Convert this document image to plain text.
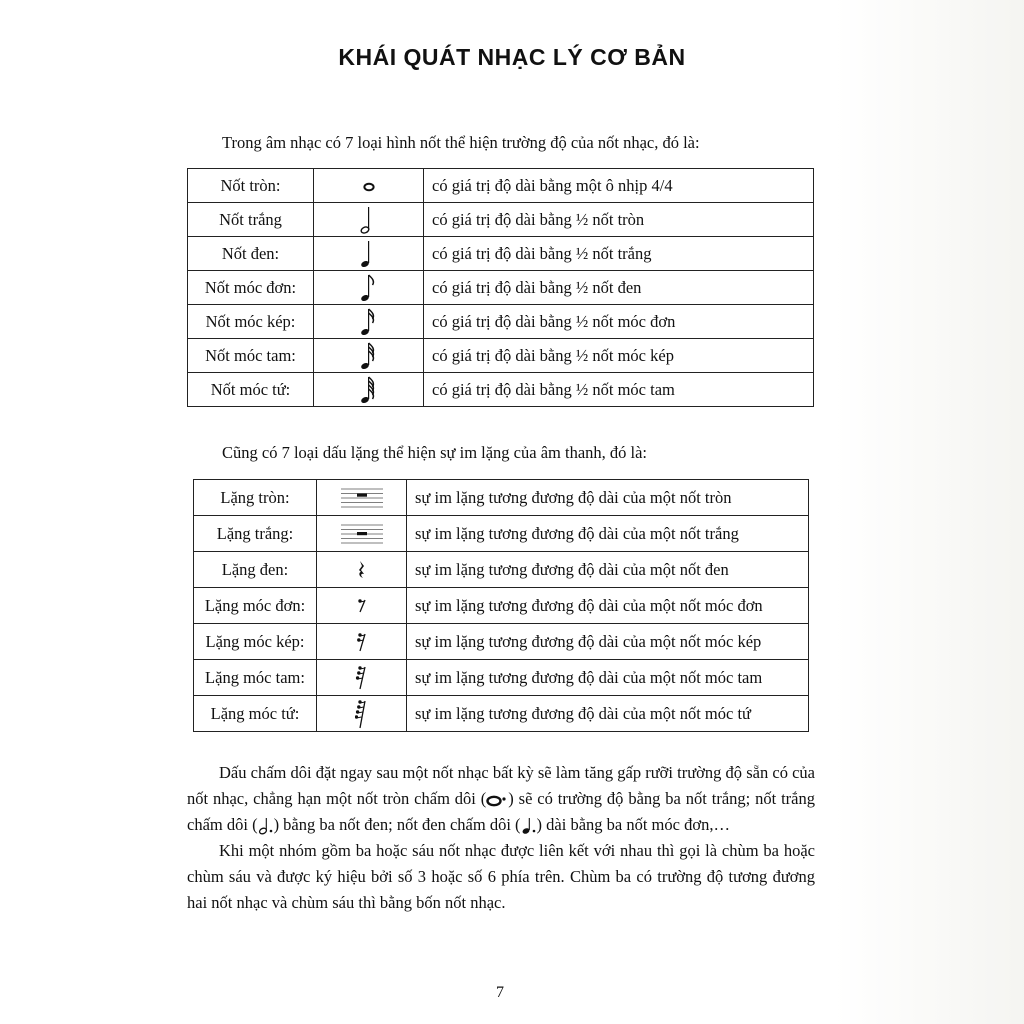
KHÁI QUÁT NHẠC LÝ CƠ BẢN
Trong âm nhạc có 7 loại hình nốt thể hiện trường độ của nốt nhạc, đó là:
Nốt tròn:		có giá trị độ dài bằng một ô nhịp 4/4
Nốt trắng		có giá trị độ dài bằng ½ nốt tròn
Nốt đen:		có giá trị độ dài bằng ½ nốt trắng
Nốt móc đơn:		có giá trị độ dài bằng ½ nốt đen
Nốt móc kép:		có giá trị độ dài bằng ½ nốt móc đơn
Nốt móc tam:		có giá trị độ dài bằng ½ nốt móc kép
Nốt móc tứ:		có giá trị độ dài bằng ½ nốt móc tam
Cũng có 7 loại dấu lặng thể hiện sự im lặng của âm thanh, đó là:
Lặng tròn:		sự im lặng tương đương độ dài của một nốt tròn
Lặng trắng:		sự im lặng tương đương độ dài của một nốt trắng
Lặng đen:		sự im lặng tương đương độ dài của một nốt đen
Lặng móc đơn:		sự im lặng tương đương độ dài của một nốt móc đơn
Lặng móc kép:		sự im lặng tương đương độ dài của một nốt móc kép
Lặng móc tam:		sự im lặng tương đương độ dài của một nốt móc tam
Lặng móc tứ:		sự im lặng tương đương độ dài của một nốt móc tứ

Dấu chấm dôi đặt ngay sau một nốt nhạc bất kỳ sẽ làm tăng gấp rưỡi trường độ sẵn có của nốt nhạc, chẳng hạn một nốt tròn chấm dôi ( ) sẽ có trường độ bằng ba nốt trắng; nốt trắng chấm dôi ( ) bằng ba nốt đen; nốt đen chấm dôi ( ) dài bằng ba nốt móc đơn,…

Khi một nhóm gồm ba hoặc sáu nốt nhạc được liên kết với nhau thì gọi là chùm ba hoặc chùm sáu và được ký hiệu bởi số 3 hoặc số 6 phía trên. Chùm ba có trường độ tương đương hai nốt nhạc và chùm sáu thì bằng bốn nốt nhạc.

7
